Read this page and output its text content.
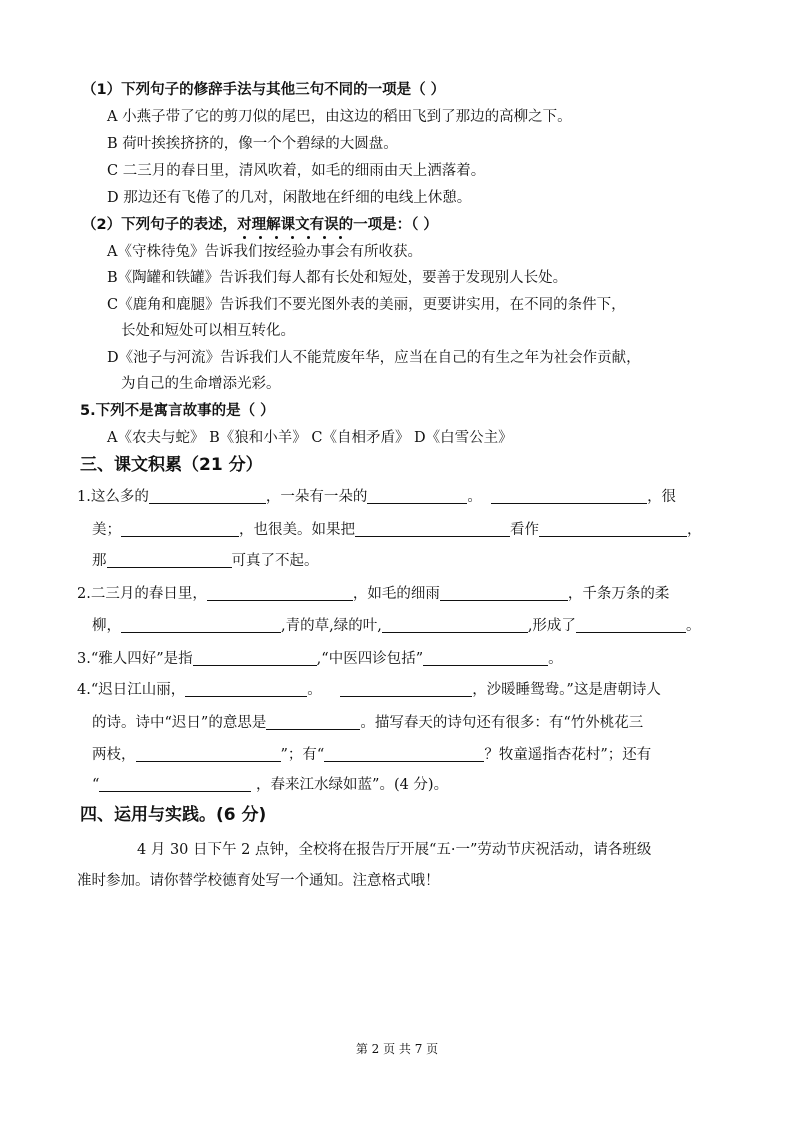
（1）下列句子的修辞手法与其他三句不同的一项是（ ）
A 小燕子带了它的剪刀似的尾巴，由这边的稻田飞到了那边的高柳之下。
B 荷叶挨挨挤挤的，像一个个碧绿的大圆盘。
C 二三月的春日里，清风吹着，如毛的细雨由天上洒落着。
D 那边还有飞倦了的几对，闲散地在纤细的电线上休憩。
（2）下列句子的表述，对理解课文有误
的一项是：（ ）
A《守株待兔》告诉我们按经验办事会有所收获。
B《陶罐和铁罐》告诉我们每人都有长处和短处，要善于发现别人长处。
C《鹿角和鹿腿》告诉我们不要光图外表的美丽，更要讲实用，在不同的条件下，
长处和短处可以相互转化。
D《池子与河流》告诉我们人不能荒废年华，应当在自己的有生之年为社会作贡献，
为自己的生命增添光彩。
5.下列不是寓言故事的是（ ）
A《农夫与蛇》 B《狼和小羊》 C《自相矛盾》 D《白雪公主》
三、课文积累（21 分）
1.这么多的	，一朵有一朵的	。	，很
美；	，也很美。如果把	看作	，
那	可真了不起。
2.二三月的春日里，	，如毛的细雨	，千条万条的柔
柳，	,青的草,绿的叶,	,形成了	。
3.“雅人四好”是指	,“中医四诊包括”	。
4.“迟日江山丽，	。	，沙暖睡鸳鸯。”这是唐朝诗人
的诗。诗中“迟日”的意思是	。描写春天的诗句还有很多：有“竹外桃花三
两枝，	”；有“	？牧童遥指杏花村”；还有
“	，春来江水绿如蓝”。(4 分)。
四、运用与实践。(6 分)
4 月 30 日下午 2 点钟，全校将在报告厅开展“五·一”劳动节庆祝活动，请各班级
准时参加。请你替学校德育处写一个通知。注意格式哦！
第 2 页 共 7 页
